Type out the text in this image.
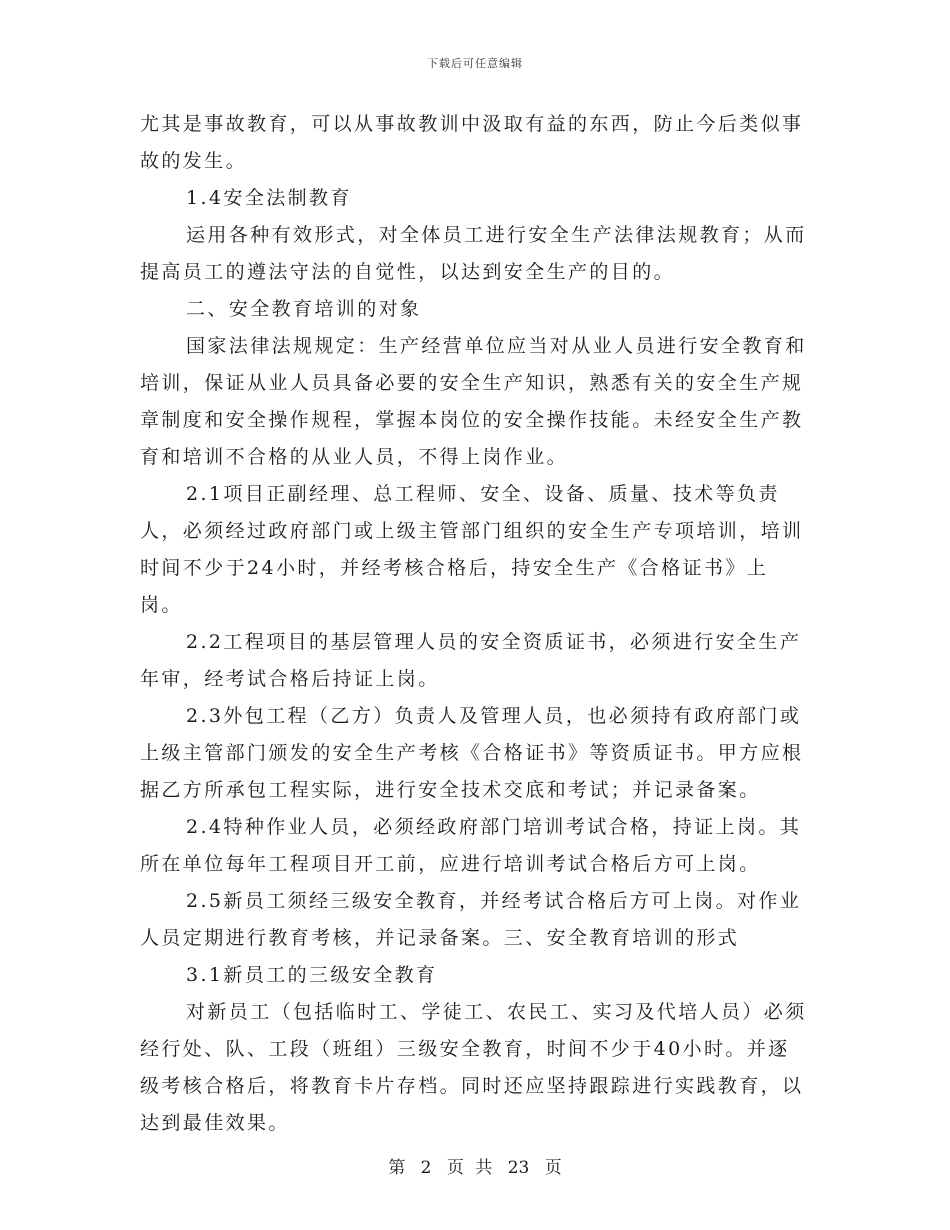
下载后可任意编辑

尤其是事故教育，可以从事故教训中汲取有益的东西，防止今后类似事故的发生。

1.4安全法制教育

运用各种有效形式，对全体员工进行安全生产法律法规教育；从而提高员工的遵法守法的自觉性，以达到安全生产的目的。

二、安全教育培训的对象

国家法律法规规定：生产经营单位应当对从业人员进行安全教育和培训，保证从业人员具备必要的安全生产知识，熟悉有关的安全生产规章制度和安全操作规程，掌握本岗位的安全操作技能。未经安全生产教育和培训不合格的从业人员，不得上岗作业。

2.1项目正副经理、总工程师、安全、设备、质量、技术等负责人，必须经过政府部门或上级主管部门组织的安全生产专项培训，培训时间不少于24小时，并经考核合格后，持安全生产《合格证书》上岗。

2.2工程项目的基层管理人员的安全资质证书，必须进行安全生产年审，经考试合格后持证上岗。

2.3外包工程（乙方）负责人及管理人员，也必须持有政府部门或上级主管部门颁发的安全生产考核《合格证书》等资质证书。甲方应根据乙方所承包工程实际，进行安全技术交底和考试；并记录备案。

2.4特种作业人员，必须经政府部门培训考试合格，持证上岗。其所在单位每年工程项目开工前，应进行培训考试合格后方可上岗。

2.5新员工须经三级安全教育，并经考试合格后方可上岗。对作业人员定期进行教育考核，并记录备案。三、安全教育培训的形式

3.1新员工的三级安全教育

对新员工（包括临时工、学徒工、农民工、实习及代培人员）必须经行处、队、工段（班组）三级安全教育，时间不少于40小时。并逐级考核合格后，将教育卡片存档。同时还应坚持跟踪进行实践教育，以达到最佳效果。

第 2 页 共 23 页
